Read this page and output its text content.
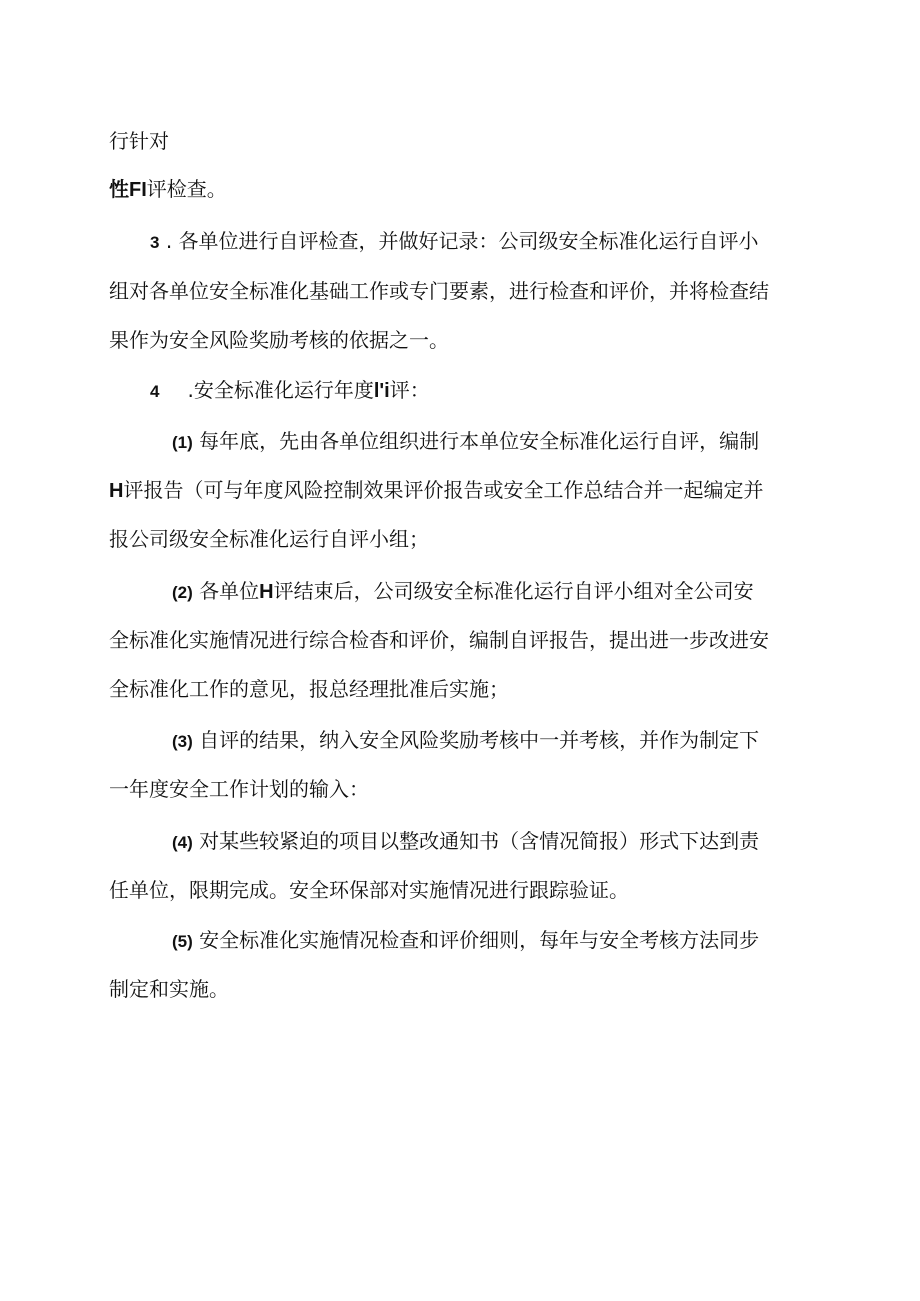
行针对
性FI评检查。
3 . 各单位进行自评检查，并做好记录：公司级安全标准化运行自评小
组对各单位安全标准化基础工作或专门要素，进行检查和评价，并将检查结
果作为安全风险奖励考核的依据之一。
4 .安全标准化运行年度l'i评：
(1) 每年底，先由各单位组织进行本单位安全标准化运行自评，编制
H评报告（可与年度风险控制效果评价报告或安全工作总结合并一起编定并
报公司级安全标准化运行自评小组；
(2) 各单位H评结束后，公司级安全标准化运行自评小组对全公司安
全标准化实施情况进行综合检杳和评价，编制自评报告，提出进一步改进安
全标准化工作的意见，报总经理批准后实施；
(3) 自评的结果，纳入安全风险奖励考核中一并考核，并作为制定下
一年度安全工作计划的输入：
(4) 对某些较紧迫的项目以整改通知书（含情况简报）形式下达到责
任单位，限期完成。安全环保部对实施情况进行跟踪验证。
(5) 安全标准化实施情况检查和评价细则，每年与安全考核方法同步
制定和实施。
